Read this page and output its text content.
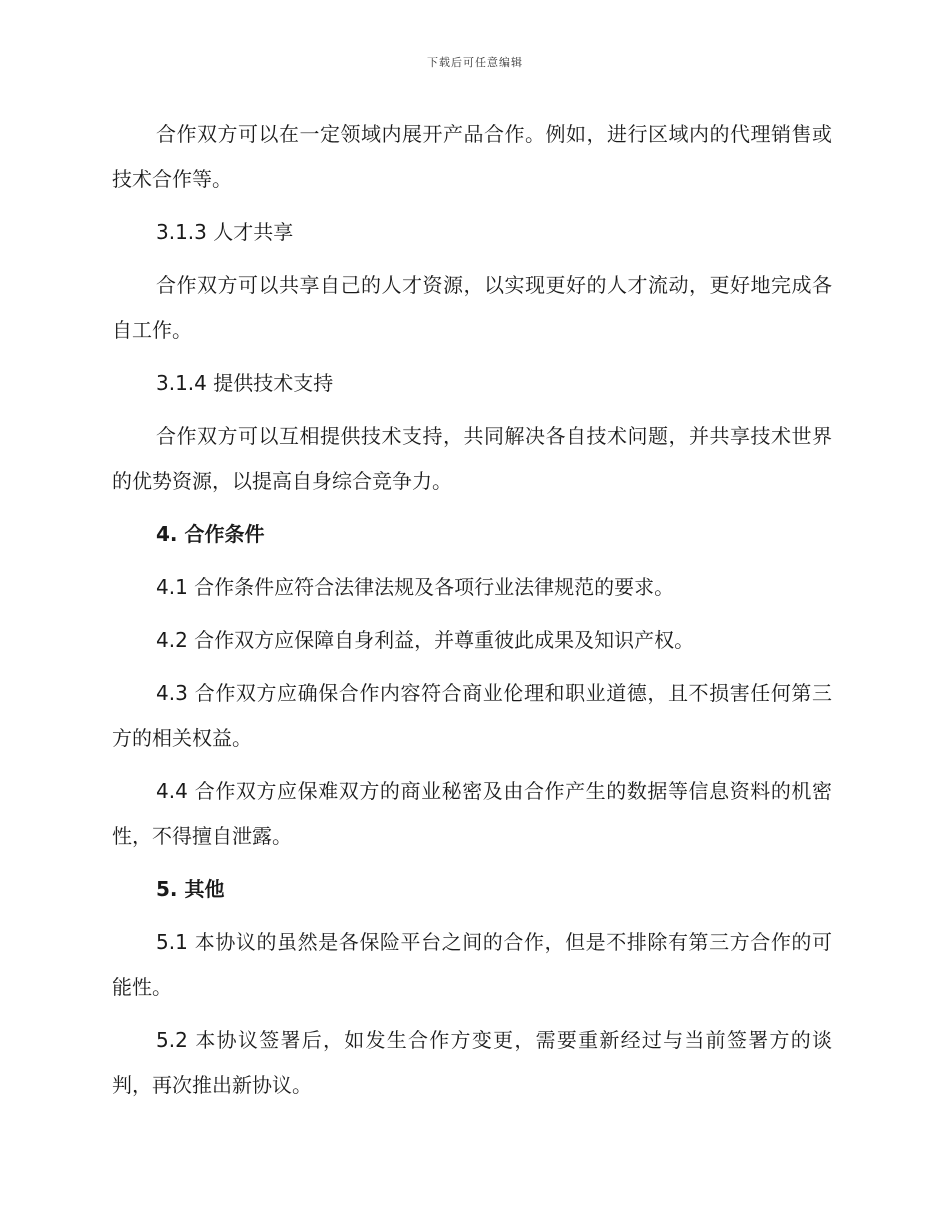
下载后可任意编辑

合作双方可以在一定领域内展开产品合作。例如，进行区域内的代理销售或技术合作等。

3.1.3 人才共享

合作双方可以共享自己的人才资源，以实现更好的人才流动，更好地完成各自工作。

3.1.4 提供技术支持

合作双方可以互相提供技术支持，共同解决各自技术问题，并共享技术世界的优势资源，以提高自身综合竞争力。

4. 合作条件

4.1 合作条件应符合法律法规及各项行业法律规范的要求。

4.2 合作双方应保障自身利益，并尊重彼此成果及知识产权。

4.3 合作双方应确保合作内容符合商业伦理和职业道德，且不损害任何第三方的相关权益。

4.4 合作双方应保难双方的商业秘密及由合作产生的数据等信息资料的机密性，不得擅自泄露。

5. 其他

5.1 本协议的虽然是各保险平台之间的合作，但是不排除有第三方合作的可能性。

5.2 本协议签署后，如发生合作方变更，需要重新经过与当前签署方的谈判，再次推出新协议。
